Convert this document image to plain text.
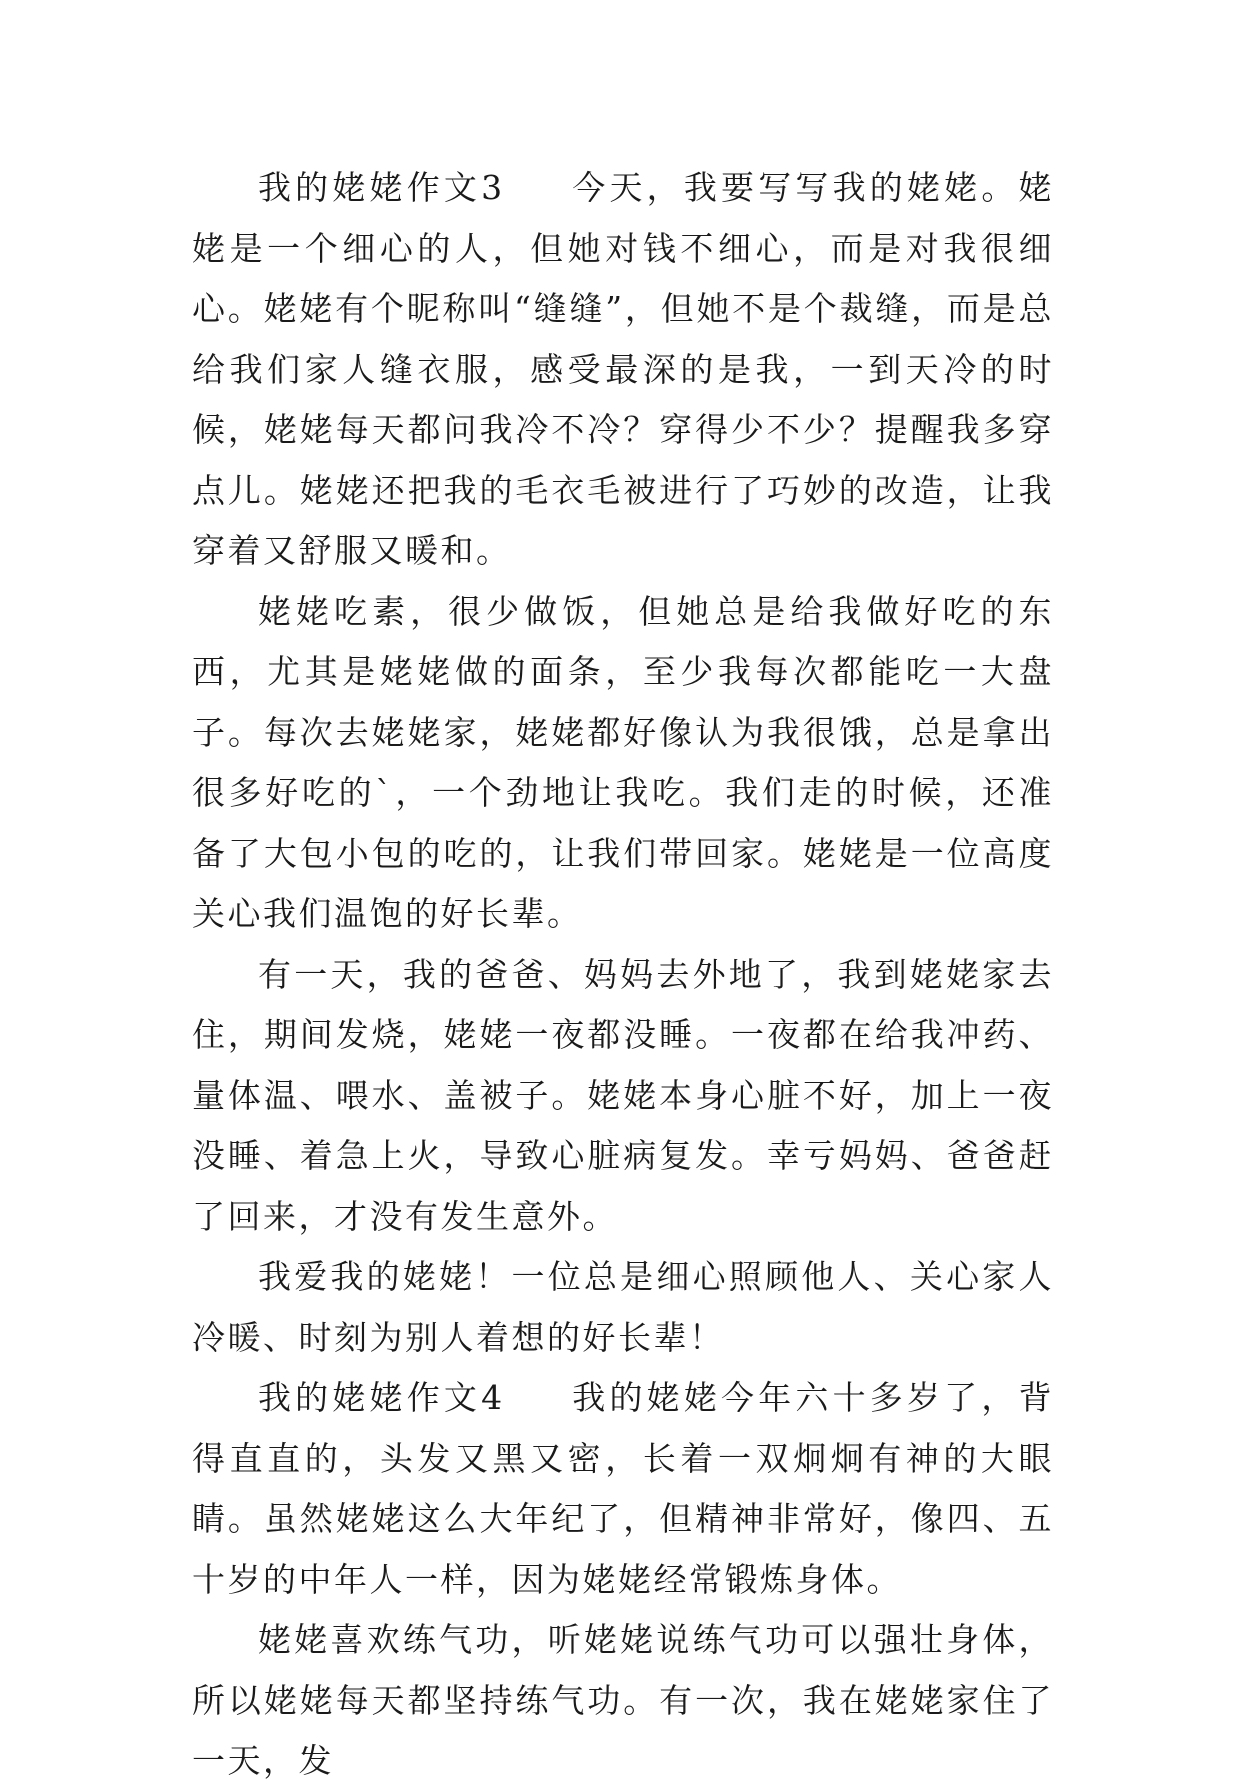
我的姥姥作文3 今天，我要写写我的姥姥。姥姥是一个细心的人，但她对钱不细心，而是对我很细心。姥姥有个昵称叫“缝缝”，但她不是个裁缝，而是总给我们家人缝衣服，感受最深的是我，一到天冷的时候，姥姥每天都问我冷不冷？穿得少不少？提醒我多穿点儿。姥姥还把我的毛衣毛被进行了巧妙的改造，让我穿着又舒服又暖和。

姥姥吃素，很少做饭，但她总是给我做好吃的东西，尤其是姥姥做的面条，至少我每次都能吃一大盘子。每次去姥姥家，姥姥都好像认为我很饿，总是拿出很多好吃的`，一个劲地让我吃。我们走的时候，还准备了大包小包的吃的，让我们带回家。姥姥是一位高度关心我们温饱的好长辈。

有一天，我的爸爸、妈妈去外地了，我到姥姥家去住，期间发烧，姥姥一夜都没睡。一夜都在给我冲药、量体温、喂水、盖被子。姥姥本身心脏不好，加上一夜没睡、着急上火，导致心脏病复发。幸亏妈妈、爸爸赶了回来，才没有发生意外。

我爱我的姥姥！一位总是细心照顾他人、关心家人冷暖、时刻为别人着想的好长辈！

我的姥姥作文4 我的姥姥今年六十多岁了，背得直直的，头发又黑又密，长着一双炯炯有神的大眼睛。虽然姥姥这么大年纪了，但精神非常好，像四、五十岁的中年人一样，因为姥姥经常锻炼身体。

姥姥喜欢练气功，听姥姥说练气功可以强壮身体，所以姥姥每天都坚持练气功。有一次，我在姥姥家住了一天，发
